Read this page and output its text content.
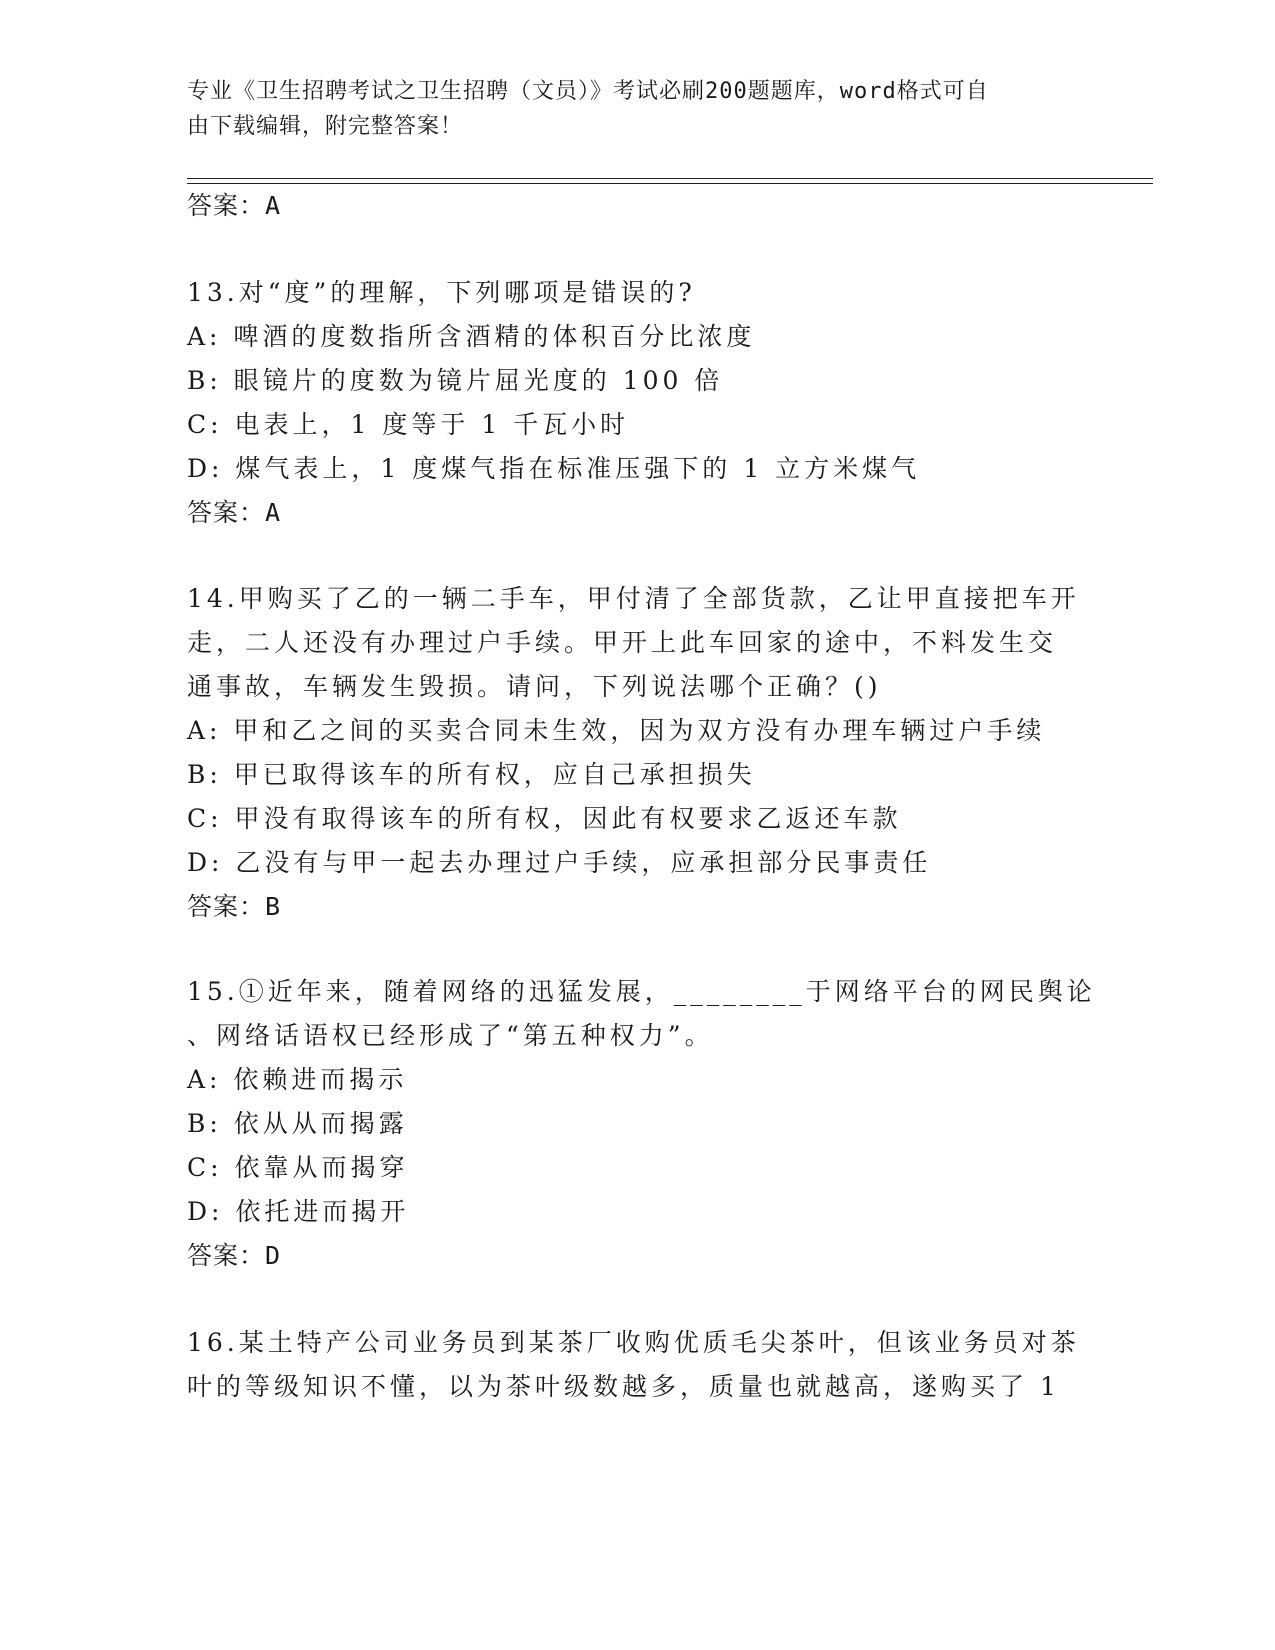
专业《卫生招聘考试之卫生招聘（文员）》考试必刷200题题库，word格式可自
由下载编辑，附完整答案！
答案：A
13.对“度”的理解，下列哪项是错误的?
A: 啤酒的度数指所含酒精的体积百分比浓度
B: 眼镜片的度数为镜片屈光度的 100 倍
C: 电表上，1 度等于 1 千瓦小时
D: 煤气表上，1 度煤气指在标准压强下的 1 立方米煤气
答案：A
14.甲购买了乙的一辆二手车，甲付清了全部货款，乙让甲直接把车开
走，二人还没有办理过户手续。甲开上此车回家的途中，不料发生交
通事故，车辆发生毁损。请问，下列说法哪个正确？()
A: 甲和乙之间的买卖合同未生效，因为双方没有办理车辆过户手续
B: 甲已取得该车的所有权，应自己承担损失
C: 甲没有取得该车的所有权，因此有权要求乙返还车款
D: 乙没有与甲一起去办理过户手续，应承担部分民事责任
答案：B
15.①近年来，随着网络的迅猛发展，________于网络平台的网民舆论
、网络话语权已经形成了“第五种权力”。
A: 依赖进而揭示
B: 依从从而揭露
C: 依靠从而揭穿
D: 依托进而揭开
答案：D
16.某土特产公司业务员到某茶厂收购优质毛尖茶叶，但该业务员对茶
叶的等级知识不懂，以为茶叶级数越多，质量也就越高，遂购买了 1
